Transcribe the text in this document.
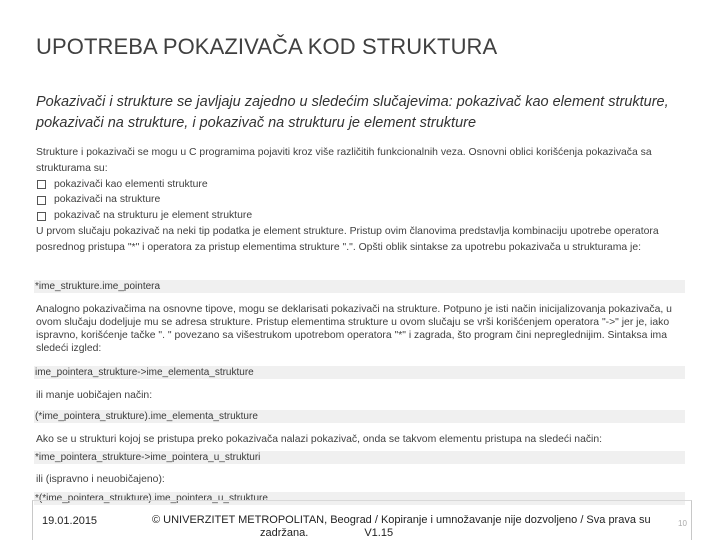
UPOTREBA POKAZIVAČA KOD STRUKTURA
Pokazivači i strukture se javljaju zajedno u sledećim slučajevima: pokazivač kao element strukture, pokazivači na strukture, i pokazivač na strukturu je element strukture

Strukture i pokazivači se mogu u C programima pojaviti kroz više različitih funkcionalnih veza. Osnovni oblici korišćenja pokazivača sa strukturama su:

pokazivači kao elementi strukture
pokazivači na strukture
pokazivač na strukturu je element strukture

U prvom slučaju pokazivač na neki tip podatka je element strukture. Pristup ovim članovima predstavlja kombinaciju upotrebe operatora posrednog pristupa "*" i operatora za pristup elementima strukture ".". Opšti oblik sintakse za upotrebu pokazivača u strukturama je:

*ime_strukture.ime_pointera
Analogno pokazivačima na osnovne tipove, mogu se deklarisati pokazivači na strukture. Potpuno je isti način inicijalizovanja pokazivača, u ovom slučaju dodeljuje mu se adresa strukture. Pristup elementima strukture u ovom slučaju se vrši korišćenjem operatora "->" jer je, iako ispravno, korišćenje tačke ". " povezano sa višestrukom upotrebom operatora "*" i zagrada, što program čini nepreglednijim. Sintaksa ima sledeći izgled:
ime_pointera_strukture->ime_elementa_strukture
ili manje uobičajen način:
(*ime_pointera_strukture).ime_elementa_strukture
Ako se u strukturi kojoj se pristupa preko pokazivača nalazi pokazivač, onda se takvom elementu pristupa na sledeći način:
*ime_pointera_strukture->ime_pointera_u_strukturi
ili (ispravno i neuobičajeno):
*(*ime_pointera_strukture).ime_pointera_u_strukture
19.01.2015	© UNIVERZITET METROPOLITAN, Beograd / Kopiranje i umnožavanje nije dozvoljeno / Sva prava su
zadržana.	V1.15
10
